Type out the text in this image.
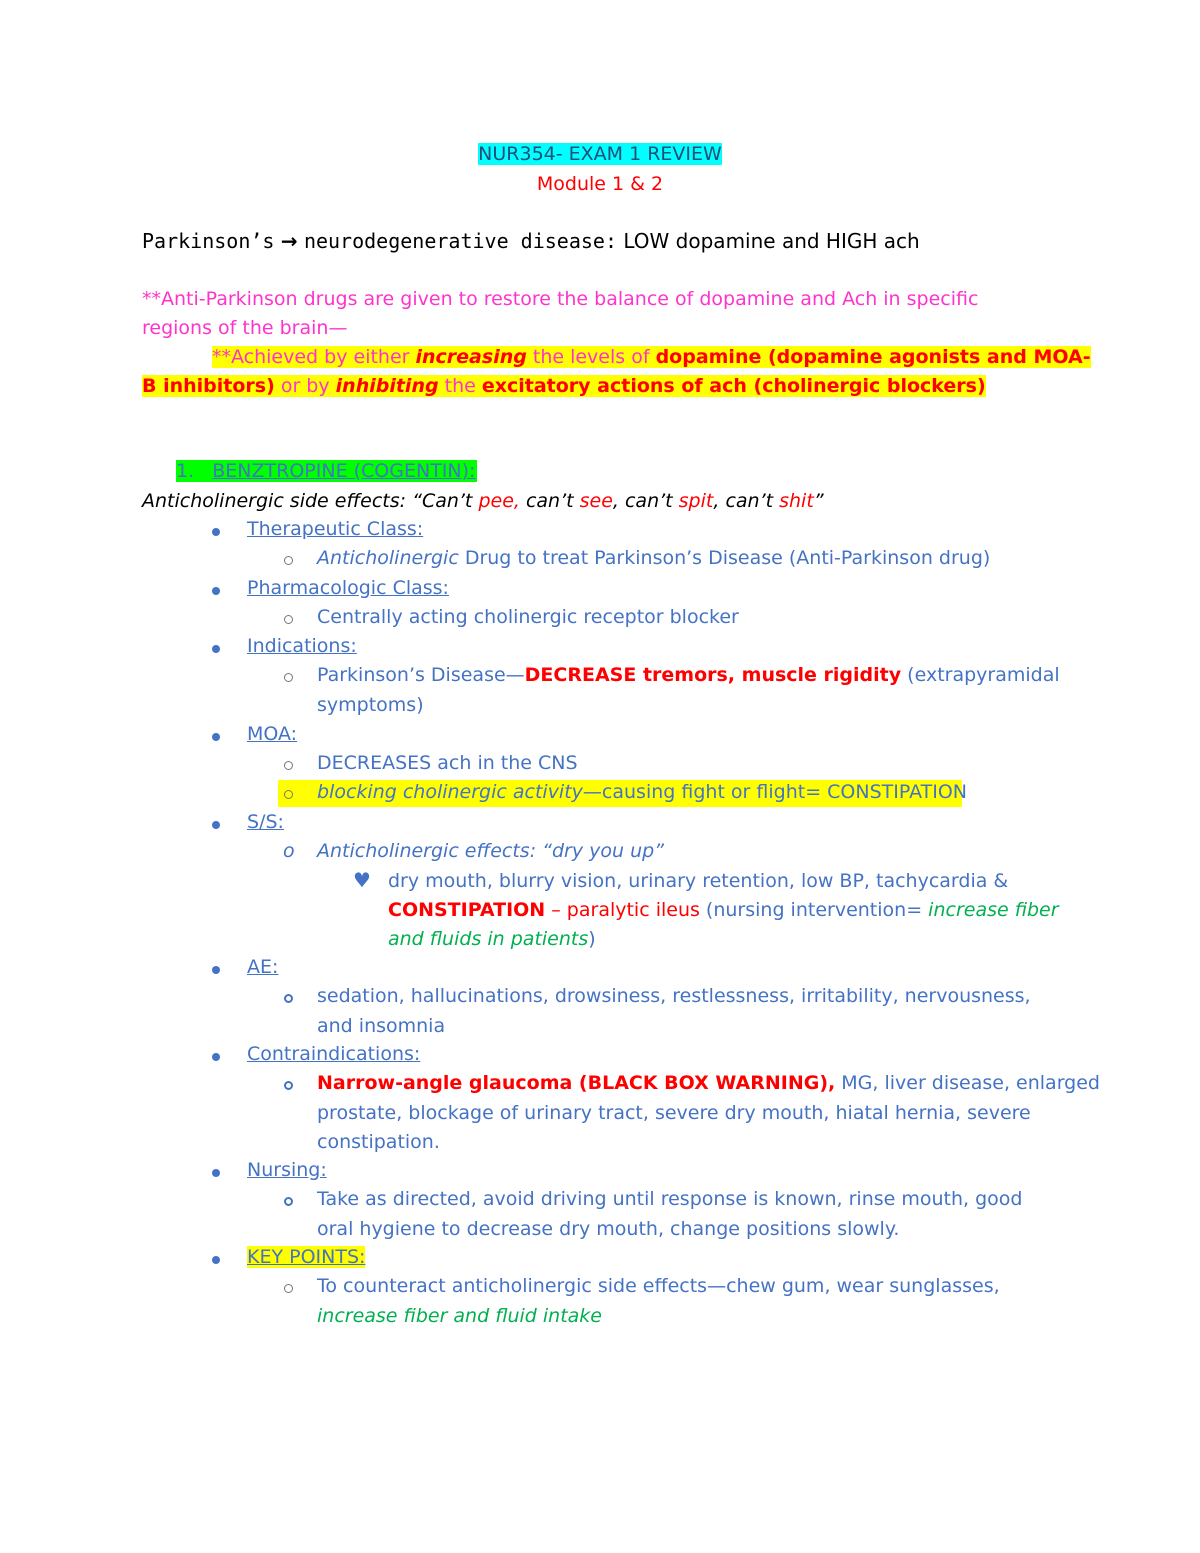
NUR354- EXAM 1 REVIEW
Module 1 & 2
Parkinson’s → neurodegenerative disease: LOW dopamine and HIGH ach
**Anti-Parkinson drugs are given to restore the balance of dopamine and Ach in specific
regions of the brain—
**Achieved by either increasing the levels of dopamine (dopamine agonists and MOA-
B inhibitors) or by inhibiting the excitatory actions of ach (cholinergic blockers)
1. BENZTROPINE (COGENTIN):
Anticholinergic side effects: “Can’t pee, can’t see, can’t spit, can’t shit”
Therapeutic Class:
Anticholinergic Drug to treat Parkinson’s Disease (Anti-Parkinson drug)
Pharmacologic Class:
Centrally acting cholinergic receptor blocker
Indications:
Parkinson’s Disease—DECREASE tremors, muscle rigidity (extrapyramidal
symptoms)
MOA:
DECREASES ach in the CNS
blocking cholinergic activity—causing fight or flight= CONSTIPATION
S/S:
o Anticholinergic effects: “dry you up”
♥ dry mouth, blurry vision, urinary retention, low BP, tachycardia &
CONSTIPATION – paralytic ileus (nursing intervention= increase fiber
and fluids in patients)
AE:
sedation, hallucinations, drowsiness, restlessness, irritability, nervousness,
and insomnia
Contraindications:
Narrow-angle glaucoma (BLACK BOX WARNING), MG, liver disease, enlarged
prostate, blockage of urinary tract, severe dry mouth, hiatal hernia, severe
constipation.
Nursing:
Take as directed, avoid driving until response is known, rinse mouth, good
oral hygiene to decrease dry mouth, change positions slowly.
KEY POINTS:
To counteract anticholinergic side effects—chew gum, wear sunglasses,
increase fiber and fluid intake
